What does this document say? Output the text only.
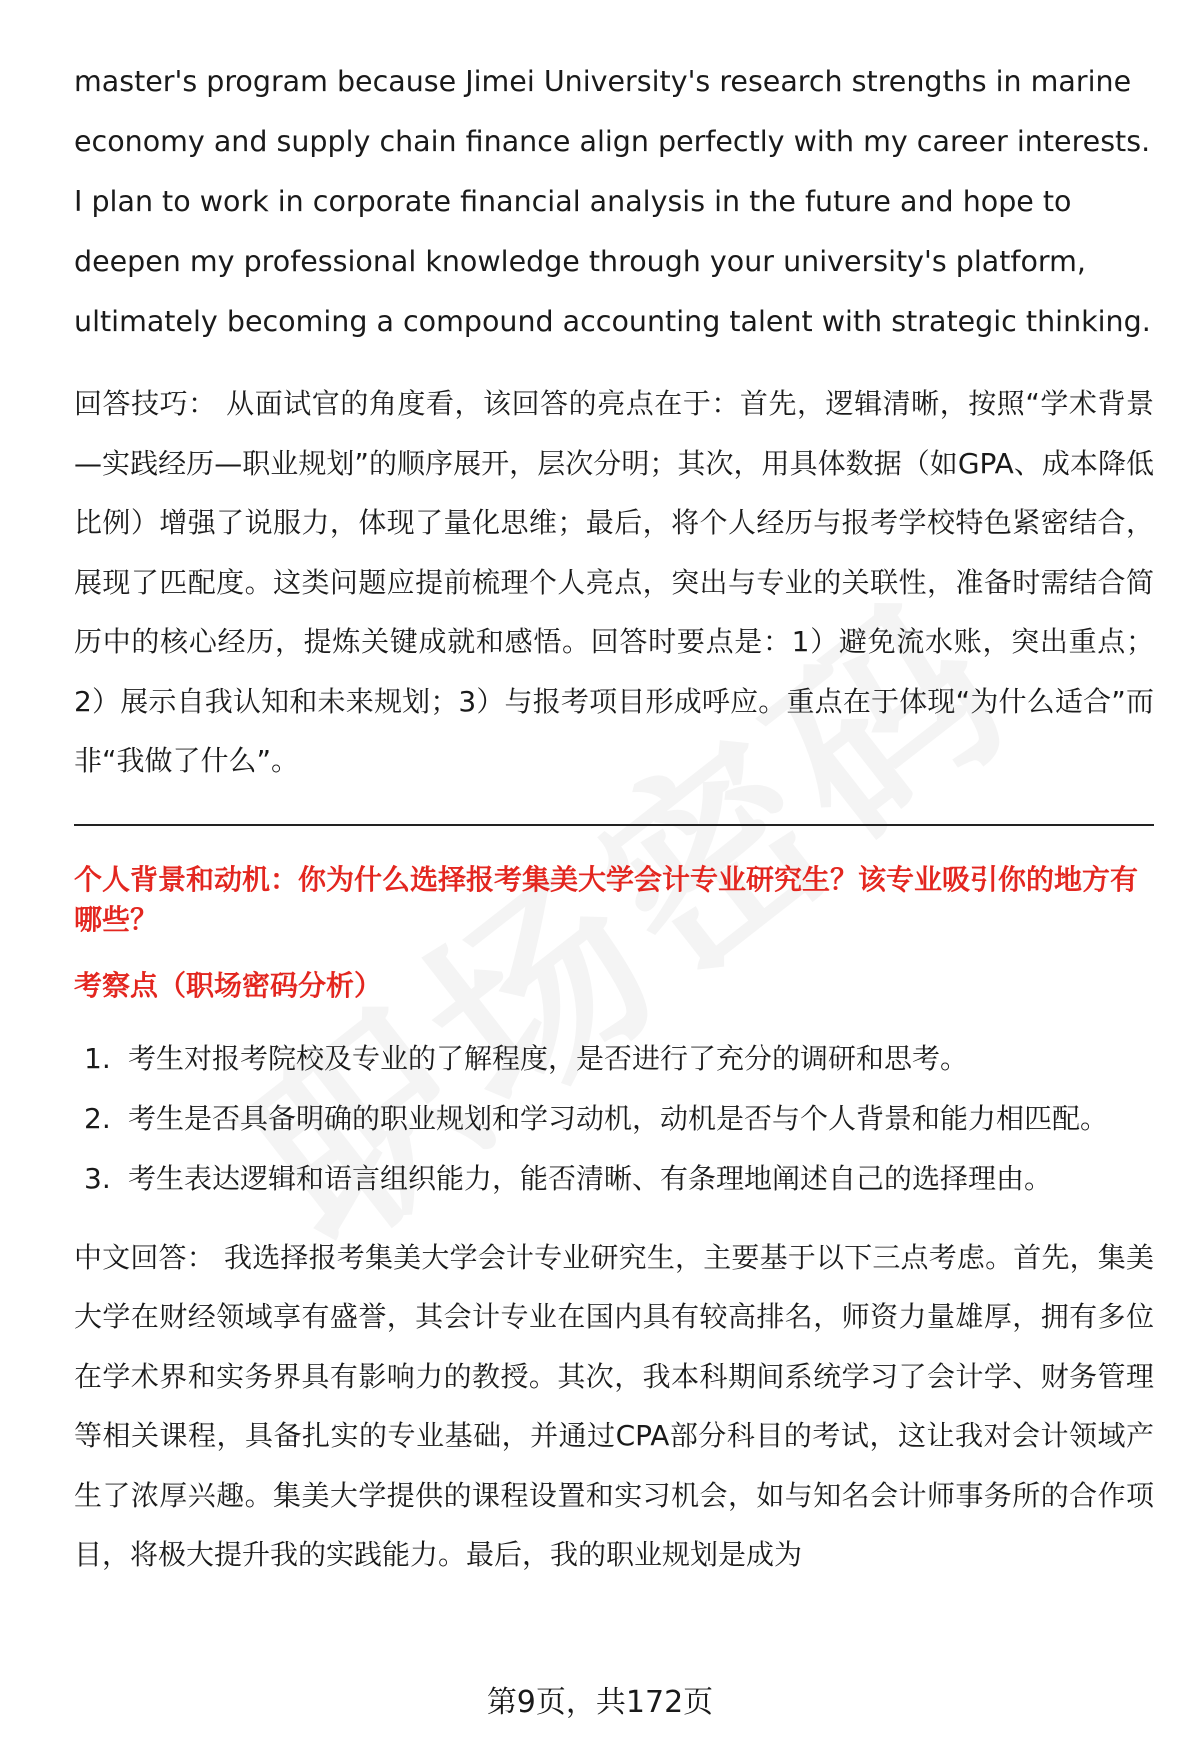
master's program because Jimei University's research strengths in marine economy and supply chain finance align perfectly with my career interests. I plan to work in corporate financial analysis in the future and hope to deepen my professional knowledge through your university's platform, ultimately becoming a compound accounting talent with strategic thinking.

回答技巧： 从面试官的角度看，该回答的亮点在于：首先，逻辑清晰，按照“学术背景—实践经历—职业规划”的顺序展开，层次分明；其次，用具体数据（如GPA、成本降低比例）增强了说服力，体现了量化思维；最后，将个人经历与报考学校特色紧密结合，展现了匹配度。这类问题应提前梳理个人亮点，突出与专业的关联性，准备时需结合简历中的核心经历，提炼关键成就和感悟。回答时要点是：1）避免流水账，突出重点；2）展示自我认知和未来规划；3）与报考项目形成呼应。重点在于体现“为什么适合”而非“我做了什么”。

个人背景和动机：你为什么选择报考集美大学会计专业研究生？该专业吸引你的地方有哪些？

考察点（职场密码分析）

1. 考生对报考院校及专业的了解程度，是否进行了充分的调研和思考。
2. 考生是否具备明确的职业规划和学习动机，动机是否与个人背景和能力相匹配。
3. 考生表达逻辑和语言组织能力，能否清晰、有条理地阐述自己的选择理由。

中文回答： 我选择报考集美大学会计专业研究生，主要基于以下三点考虑。首先，集美大学在财经领域享有盛誉，其会计专业在国内具有较高排名，师资力量雄厚，拥有多位在学术界和实务界具有影响力的教授。其次，我本科期间系统学习了会计学、财务管理等相关课程，具备扎实的专业基础，并通过CPA部分科目的考试，这让我对会计领域产生了浓厚兴趣。集美大学提供的课程设置和实习机会，如与知名会计师事务所的合作项目，将极大提升我的实践能力。最后，我的职业规划是成为

第9页，共172页
